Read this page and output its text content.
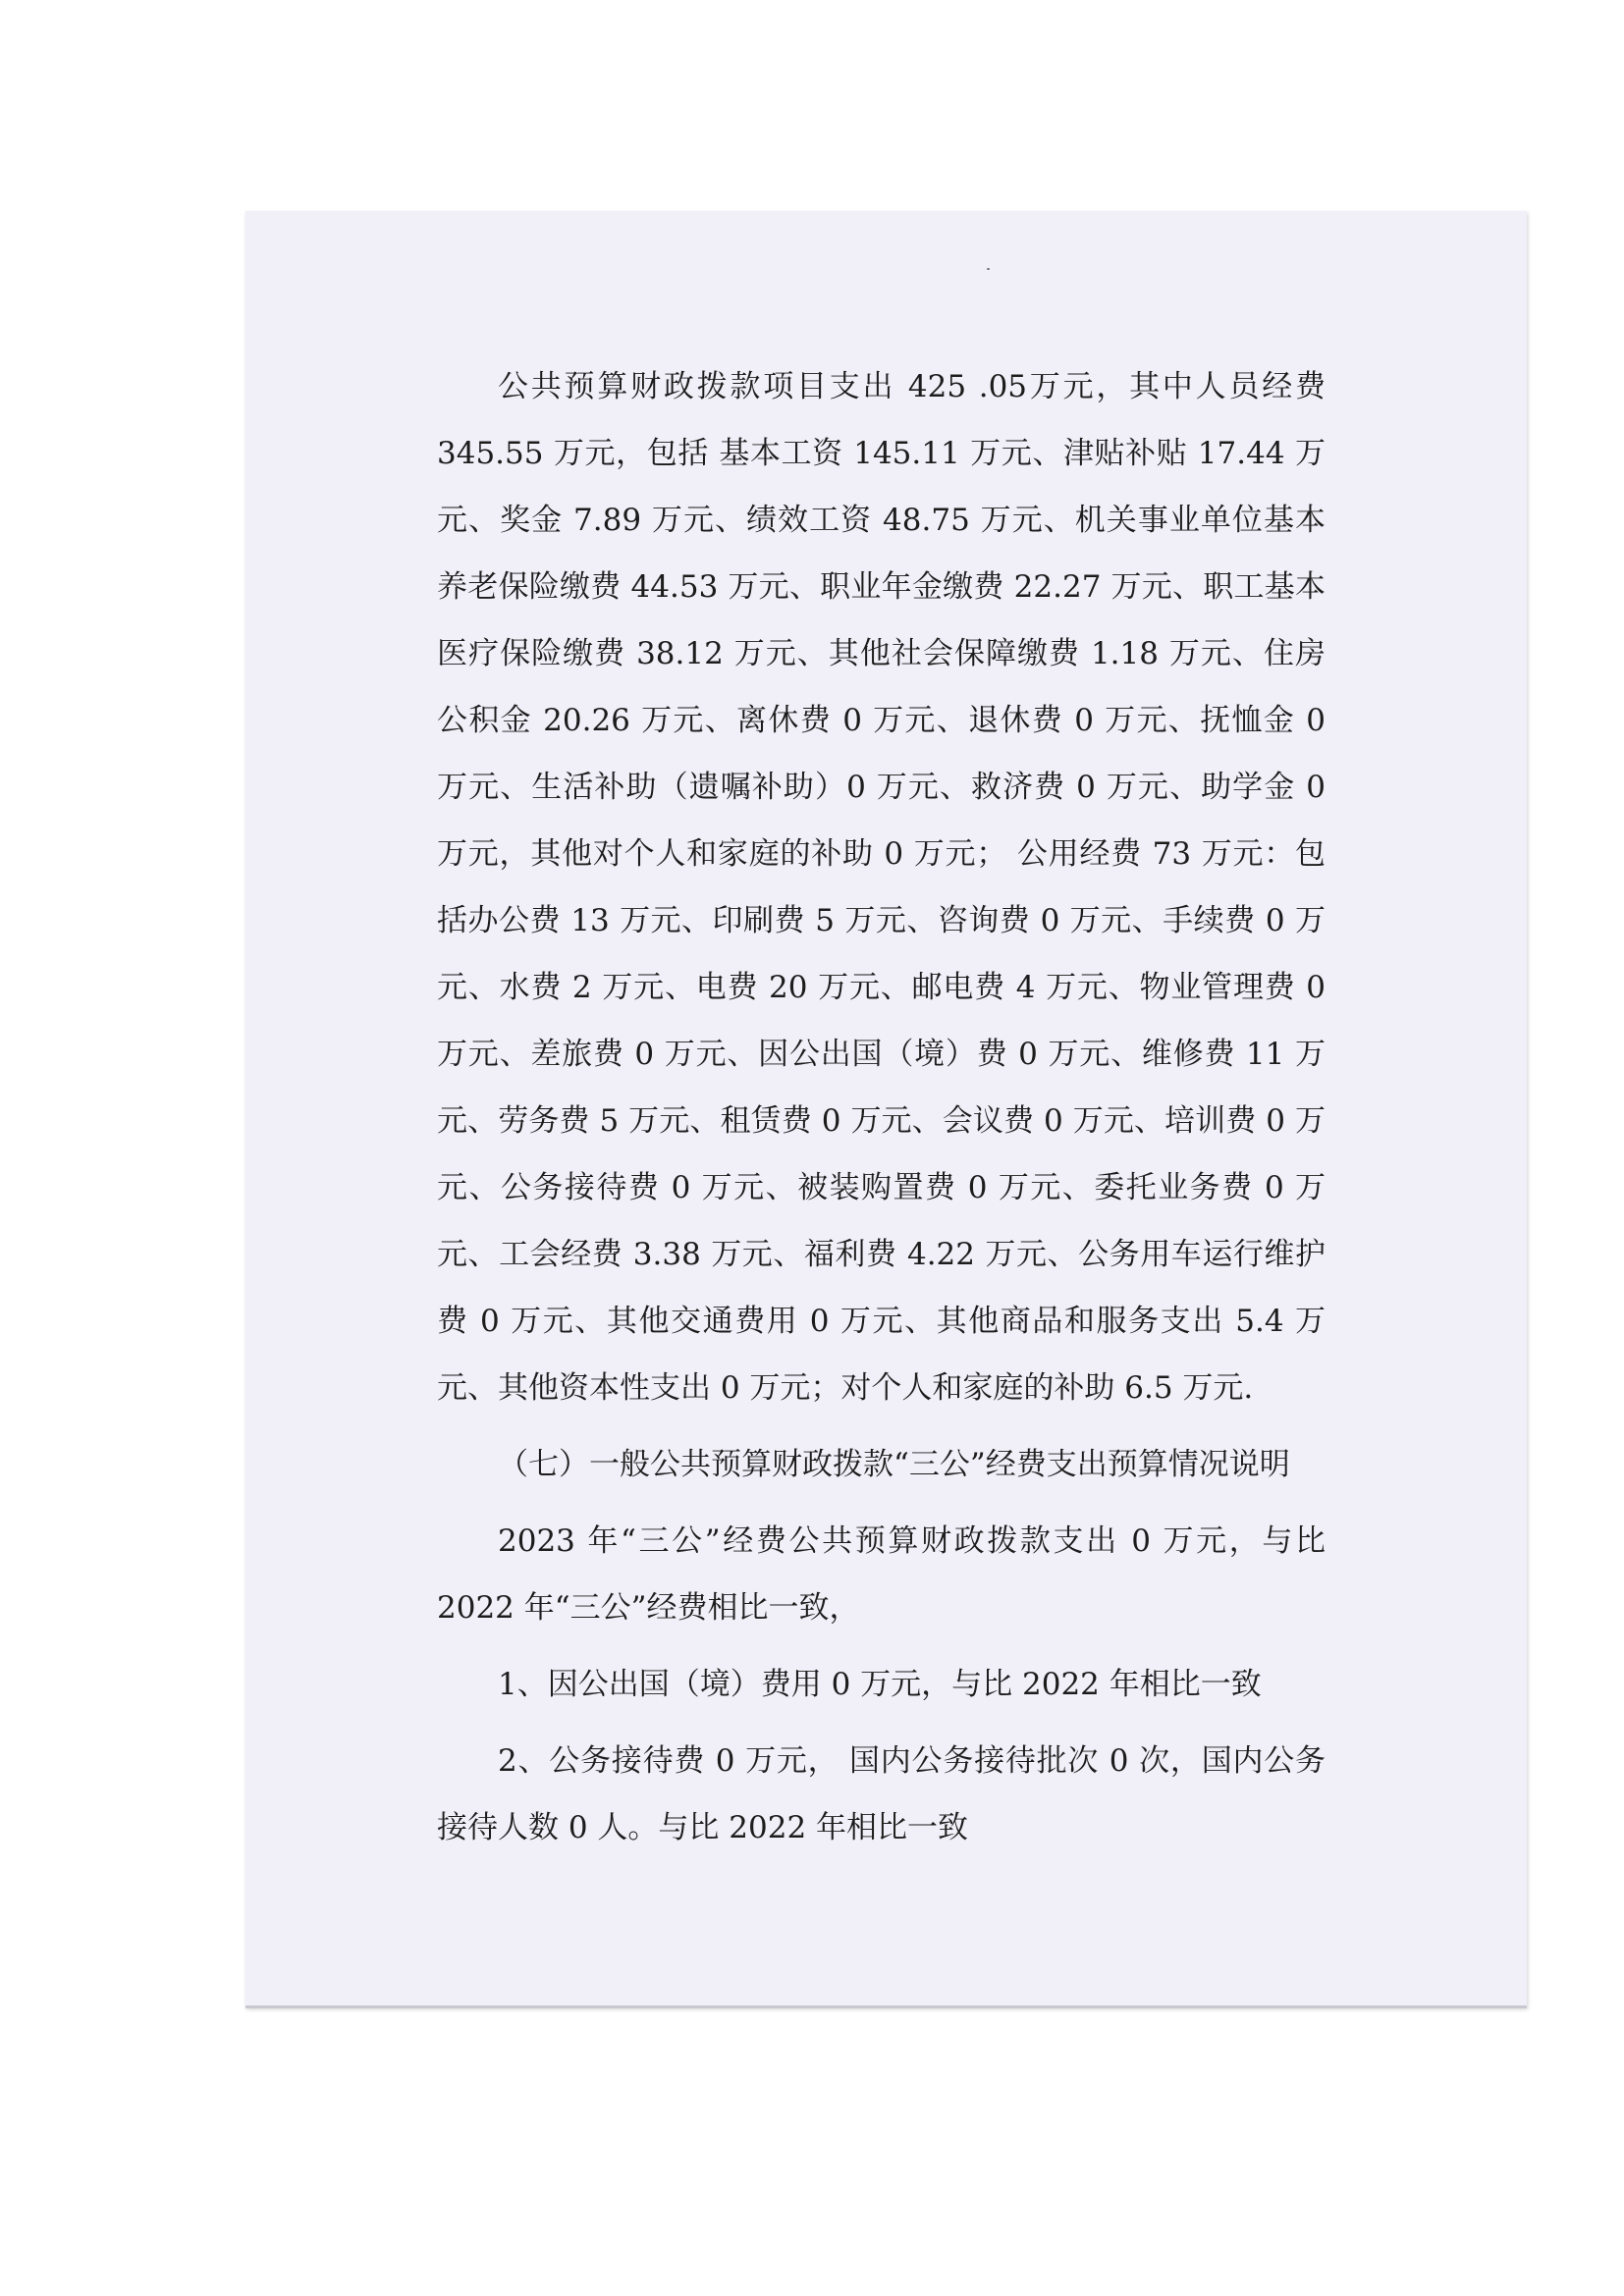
公共预算财政拨款项目支出 425 .05万元，其中人员经费 345.55 万元，包括 基本工资 145.11 万元、津贴补贴 17.44 万元、奖金 7.89 万元、绩效工资 48.75 万元、机关事业单位基本养老保险缴费 44.53 万元、职业年金缴费 22.27 万元、职工基本医疗保险缴费 38.12 万元、其他社会保障缴费 1.18 万元、住房公积金 20.26 万元、离休费 0 万元、退休费 0 万元、抚恤金 0 万元、生活补助（遗嘱补助）0 万元、救济费 0 万元、助学金 0 万元，其他对个人和家庭的补助 0 万元； 公用经费 73 万元：包括办公费 13 万元、印刷费 5 万元、咨询费 0 万元、手续费 0 万元、水费 2 万元、电费 20 万元、邮电费 4 万元、物业管理费 0 万元、差旅费 0 万元、因公出国（境）费 0 万元、维修费 11 万元、劳务费 5 万元、租赁费 0 万元、会议费 0 万元、培训费 0 万元、公务接待费 0 万元、被装购置费 0 万元、委托业务费 0 万元、工会经费 3.38 万元、福利费 4.22 万元、公务用车运行维护费 0 万元、其他交通费用 0 万元、其他商品和服务支出 5.4 万元、其他资本性支出 0 万元；对个人和家庭的补助 6.5 万元.

（七）一般公共预算财政拨款“三公”经费支出预算情况说明

2023 年“三公”经费公共预算财政拨款支出 0 万元，与比 2022 年“三公”经费相比一致，

1、因公出国（境）费用 0 万元，与比 2022 年相比一致

2、公务接待费 0 万元， 国内公务接待批次 0 次，国内公务接待人数 0 人。与比 2022 年相比一致
